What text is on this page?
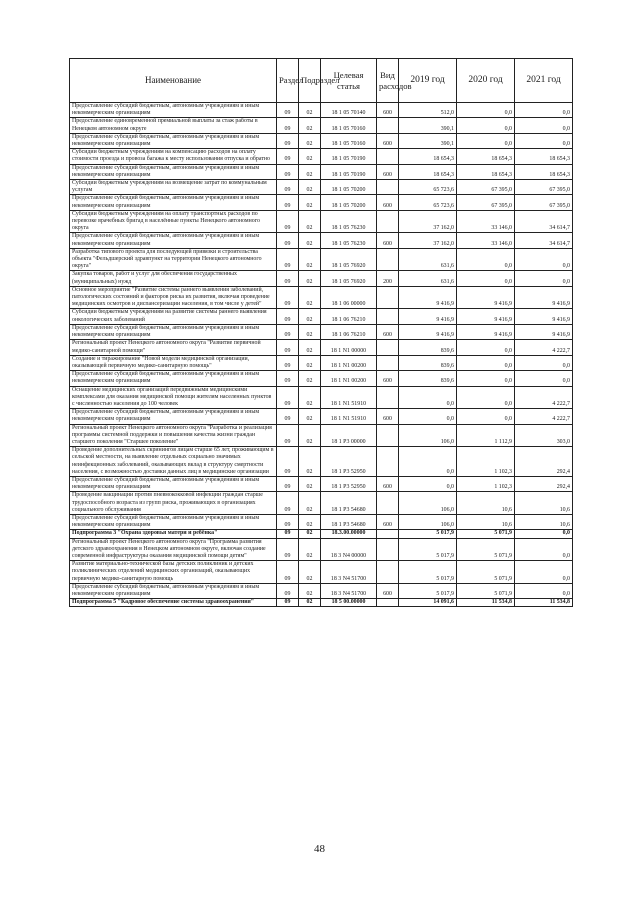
Наименование	Раздел	Подраздел	Целевая статья	Вид расходов	2019 год	2020 год	2021 год
Предоставление субсидий бюджетным, автономным учреждениям и иным некоммерческим организациям	09	02	18 1 05 70140	600	512,0	0,0	0,0
Предоставление единовременной премиальной выплаты за стаж работы в Ненецком автономном округе	09	02	18 1 05 70160		390,1	0,0	0,0
Предоставление субсидий бюджетным, автономным учреждениям и иным некоммерческим организациям	09	02	18 1 05 70160	600	390,1	0,0	0,0
Субсидии бюджетным учреждениям на компенсацию расходов на оплату стоимости проезда и провоза багажа к месту использования отпуска и обратно	09	02	18 1 05 70190		18 654,3	18 654,3	18 654,3
Предоставление субсидий бюджетным, автономным учреждениям и иным некоммерческим организациям	09	02	18 1 05 70190	600	18 654,3	18 654,3	18 654,3
Субсидии бюджетным учреждениям на возмещение затрат по коммунальным услугам	09	02	18 1 05 70200		65 723,6	67 395,0	67 395,0
Предоставление субсидий бюджетным, автономным учреждениям и иным некоммерческим организациям	09	02	18 1 05 70200	600	65 723,6	67 395,0	67 395,0
Субсидии бюджетным учреждениям на оплату транспортных расходов по перевозке врачебных бригад в населённые пункты Ненецкого автономного округа	09	02	18 1 05 76230		37 162,0	33 146,0	34 614,7
Предоставление субсидий бюджетным, автономным учреждениям и иным некоммерческим организациям	09	02	18 1 05 76230	600	37 162,0	33 146,0	34 614,7
Разработка типового проекта для последующей привязки и строительства объекта "Фельдшерский здравпункт на территории Ненецкого автономного округа"	09	02	18 1 05 76920		631,6	0,0	0,0
Закупка товаров, работ и услуг для обеспечения государственных (муниципальных) нужд	09	02	18 1 05 76920	200	631,6	0,0	0,0
Основное мероприятие "Развитие системы раннего выявления заболеваний, патологических состояний и факторов риска их развития, включая проведение медицинских осмотров и диспансеризации населения, в том числе у детей"	09	02	18 1 06 00000		9 416,9	9 416,9	9 416,9
Субсидии бюджетным учреждениям на развитие системы раннего выявления онкологических заболеваний	09	02	18 1 06 76210		9 416,9	9 416,9	9 416,9
Предоставление субсидий бюджетным, автономным учреждениям и иным некоммерческим организациям	09	02	18 1 06 76210	600	9 416,9	9 416,9	9 416,9
Региональный проект Ненецкого автономного округа "Развитие первичной медико-санитарной помощи"	09	02	18 1 N1 00000		839,6	0,0	4 222,7
Создание и тиражирование "Новой модели медицинской организации, оказывающей первичную медико-санитарную помощь"	09	02	18 1 N1 00200		839,6	0,0	0,0
Предоставление субсидий бюджетным, автономным учреждениям и иным некоммерческим организациям	09	02	18 1 N1 00200	600	839,6	0,0	0,0
Оснащение медицинских организаций передвижными медицинскими комплексами для оказания медицинской помощи жителям населенных пунктов с численностью населения до 100 человек	09	02	18 1 N1 51910		0,0	0,0	4 222,7
Предоставление субсидий бюджетным, автономным учреждениям и иным некоммерческим организациям	09	02	18 1 N1 51910	600	0,0	0,0	4 222,7
Региональный проект Ненецкого автономного округа "Разработка и реализация программы системной поддержки и повышения качества жизни граждан старшего поколения "Старшее поколение"	09	02	18 1 P3 00000		106,0	1 112,9	303,0
Проведение дополнительных скринингов лицам старше 65 лет, проживающим в сельской местности, на выявление отдельных социально значимых неинфекционных заболеваний, оказывающих вклад в структуру смертности населения, с возможностью доставки данных лиц в медицинские организации	09	02	18 1 P3 52950		0,0	1 102,3	292,4
Предоставление субсидий бюджетным, автономным учреждениям и иным некоммерческим организациям	09	02	18 1 P3 52950	600	0,0	1 102,3	292,4
Проведение вакцинации против пневмококковой инфекции граждан старше трудоспособного возраста из групп риска, проживающих в организациях социального обслуживания	09	02	18 1 P3 54680		106,0	10,6	10,6
Предоставление субсидий бюджетным, автономным учреждениям и иным некоммерческим организациям	09	02	18 1 P3 54680	600	106,0	10,6	10,6
Подпрограмма 3 "Охрана здоровья матери и ребёнка"	09	02	18.3.00.00000		5 017,9	5 071,9	0,0
Региональный проект Ненецкого автономного округа "Программа развития детского здравоохранения в Ненецком автономном округе, включая создание современной инфраструктуры оказания медицинской помощи детям"	09	02	18 3 N4 00000		5 017,9	5 071,9	0,0
Развитие материально-технической базы детских поликлиник и детских поликлинических отделений медицинских организаций, оказывающих первичную медико-санитарную помощь	09	02	18 3 N4 51700		5 017,9	5 071,9	0,0
Предоставление субсидий бюджетным, автономным учреждениям и иным некоммерческим организациям	09	02	18 3 N4 51700	600	5 017,9	5 071,9	0,0
Подпрограмма 5 "Кадровое обеспечение системы здравоохранения"	09	02	18 5 00.00000		14 091,6	11 534,8	11 534,8
48
